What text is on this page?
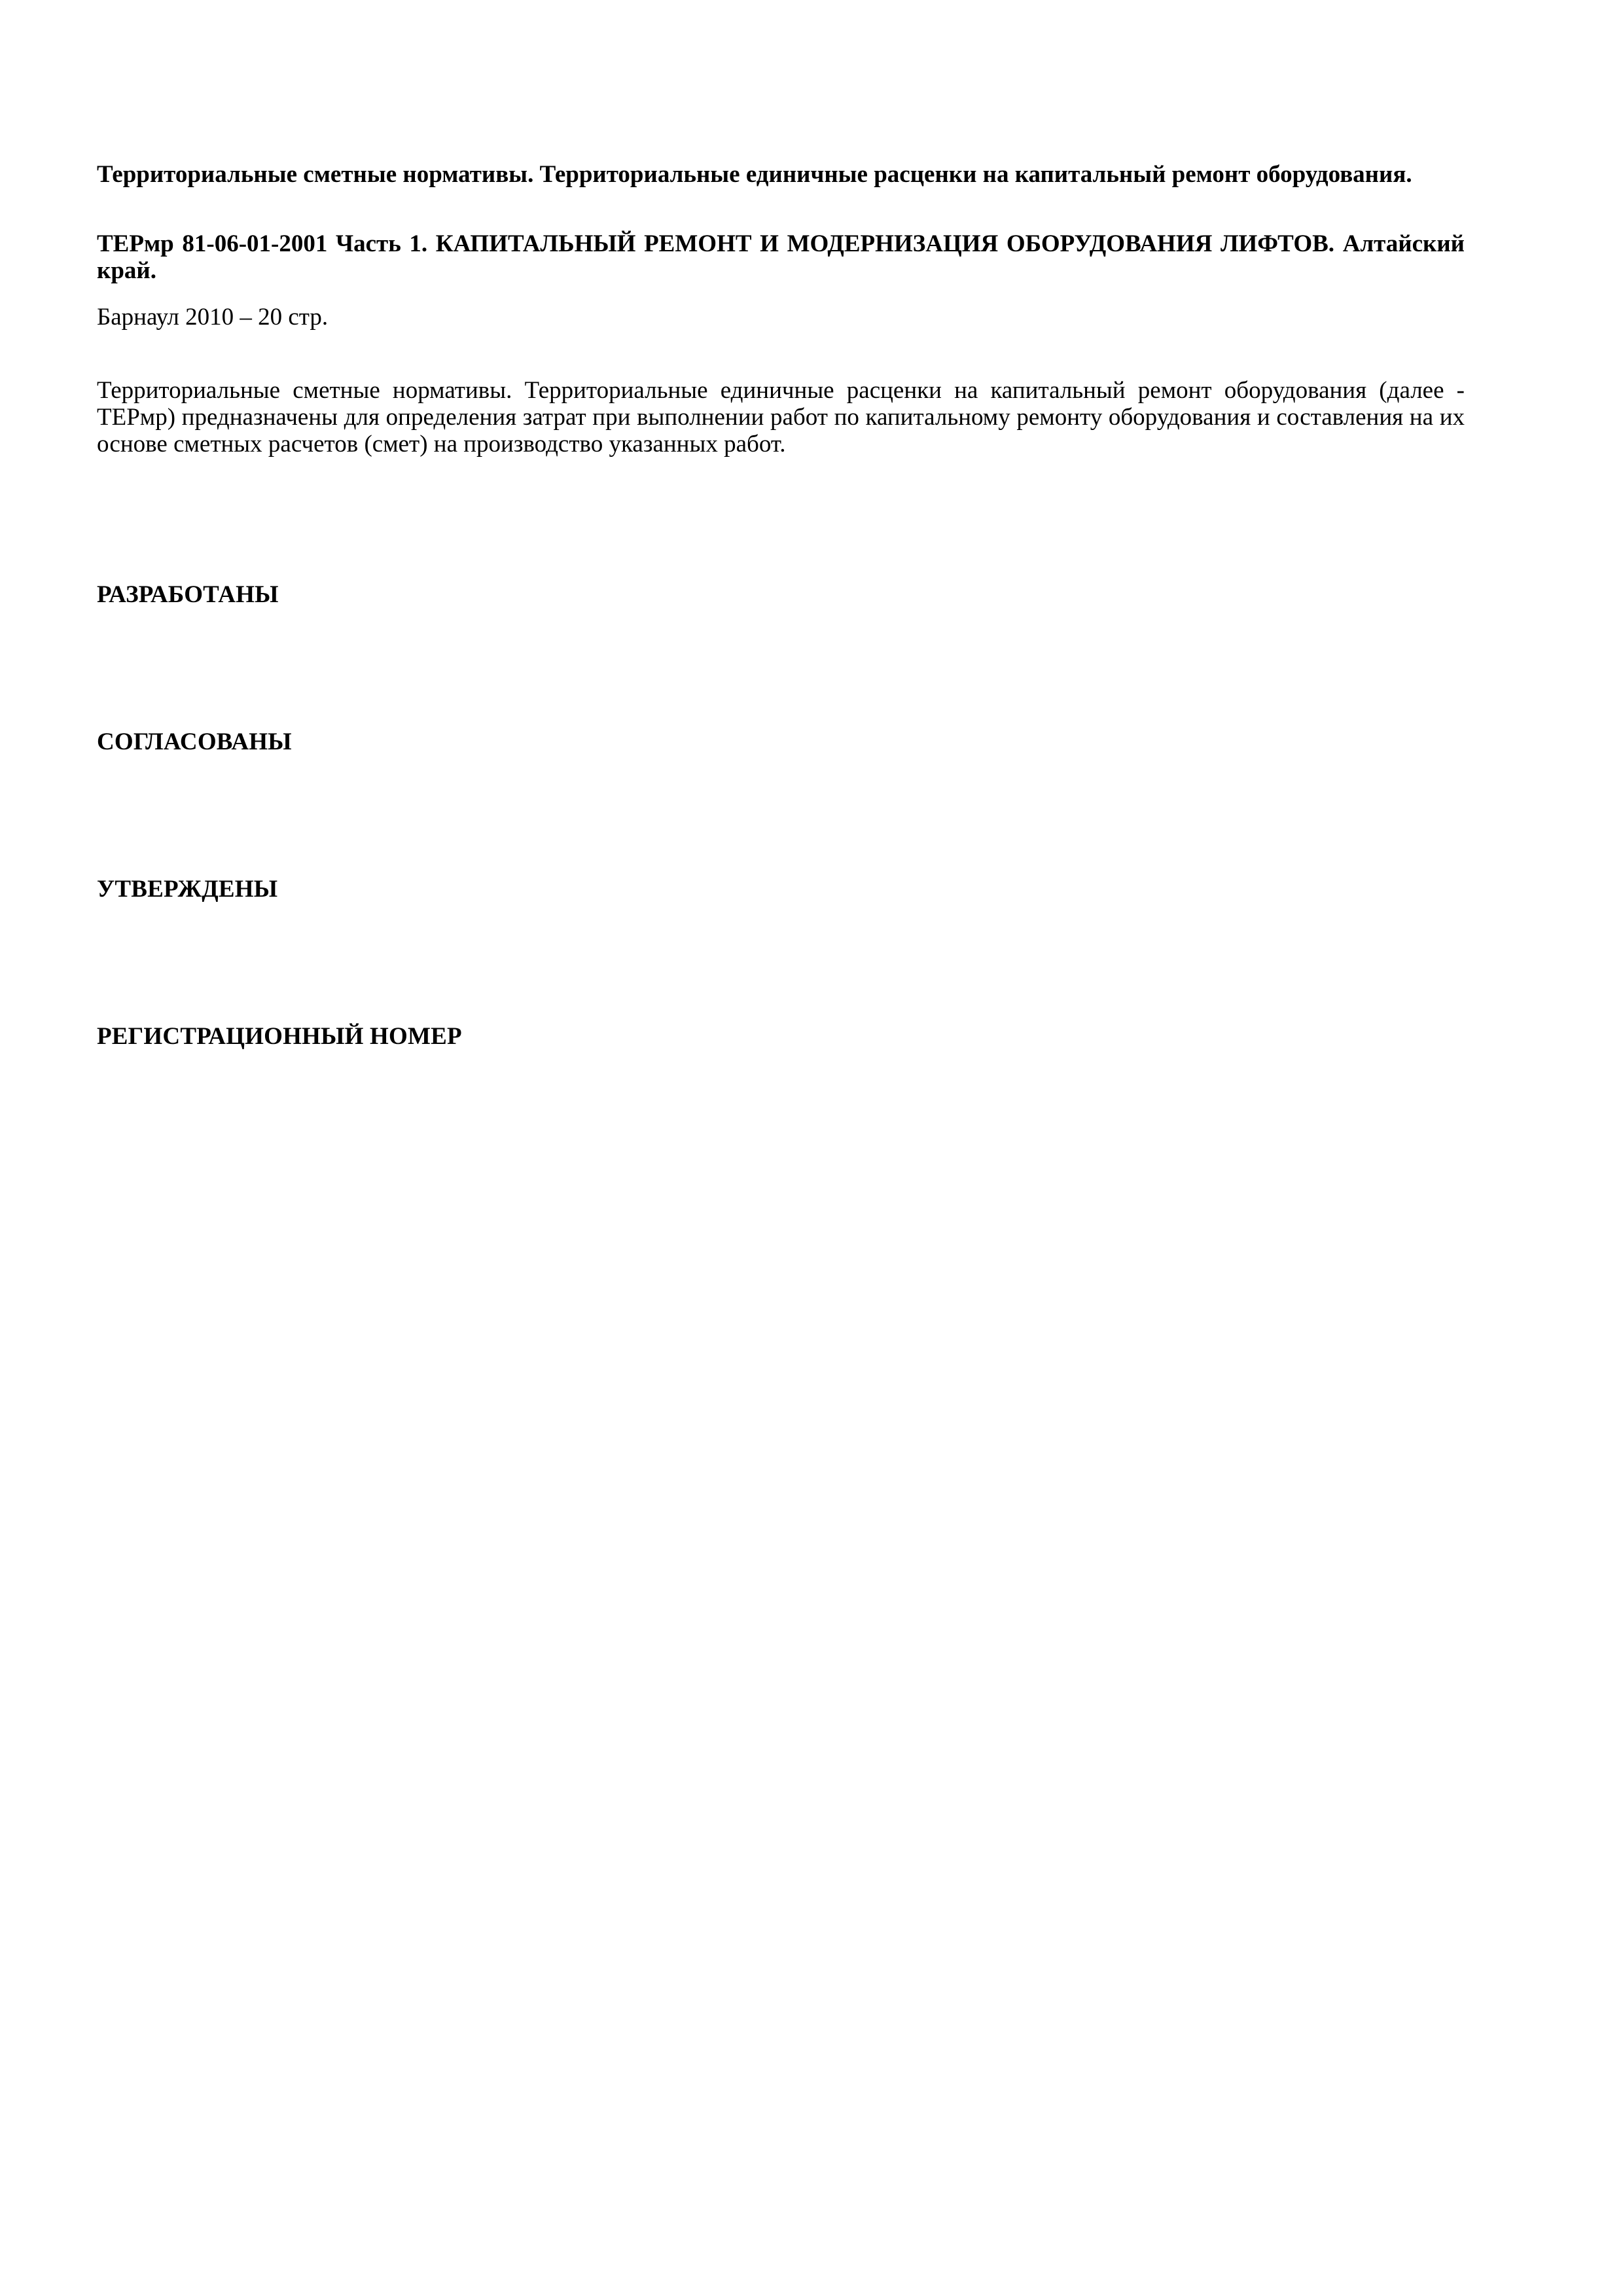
Территориальные сметные нормативы. Территориальные единичные расценки на капитальный ремонт оборудования.

ТЕРмр 81-06-01-2001 Часть 1. КАПИТАЛЬНЫЙ РЕМОНТ И МОДЕРНИЗАЦИЯ ОБОРУДОВАНИЯ ЛИФТОВ. Алтайский край.

Барнаул 2010 – 20 стр.

Территориальные сметные нормативы. Территориальные единичные расценки на капитальный ремонт оборудования (далее - ТЕРмр) предназначены для определения затрат при выполнении работ по капитальному ремонту оборудования и составления на их основе сметных расчетов (смет) на производство указанных работ.

РАЗРАБОТАНЫ

СОГЛАСОВАНЫ

УТВЕРЖДЕНЫ

РЕГИСТРАЦИОННЫЙ НОМЕР
